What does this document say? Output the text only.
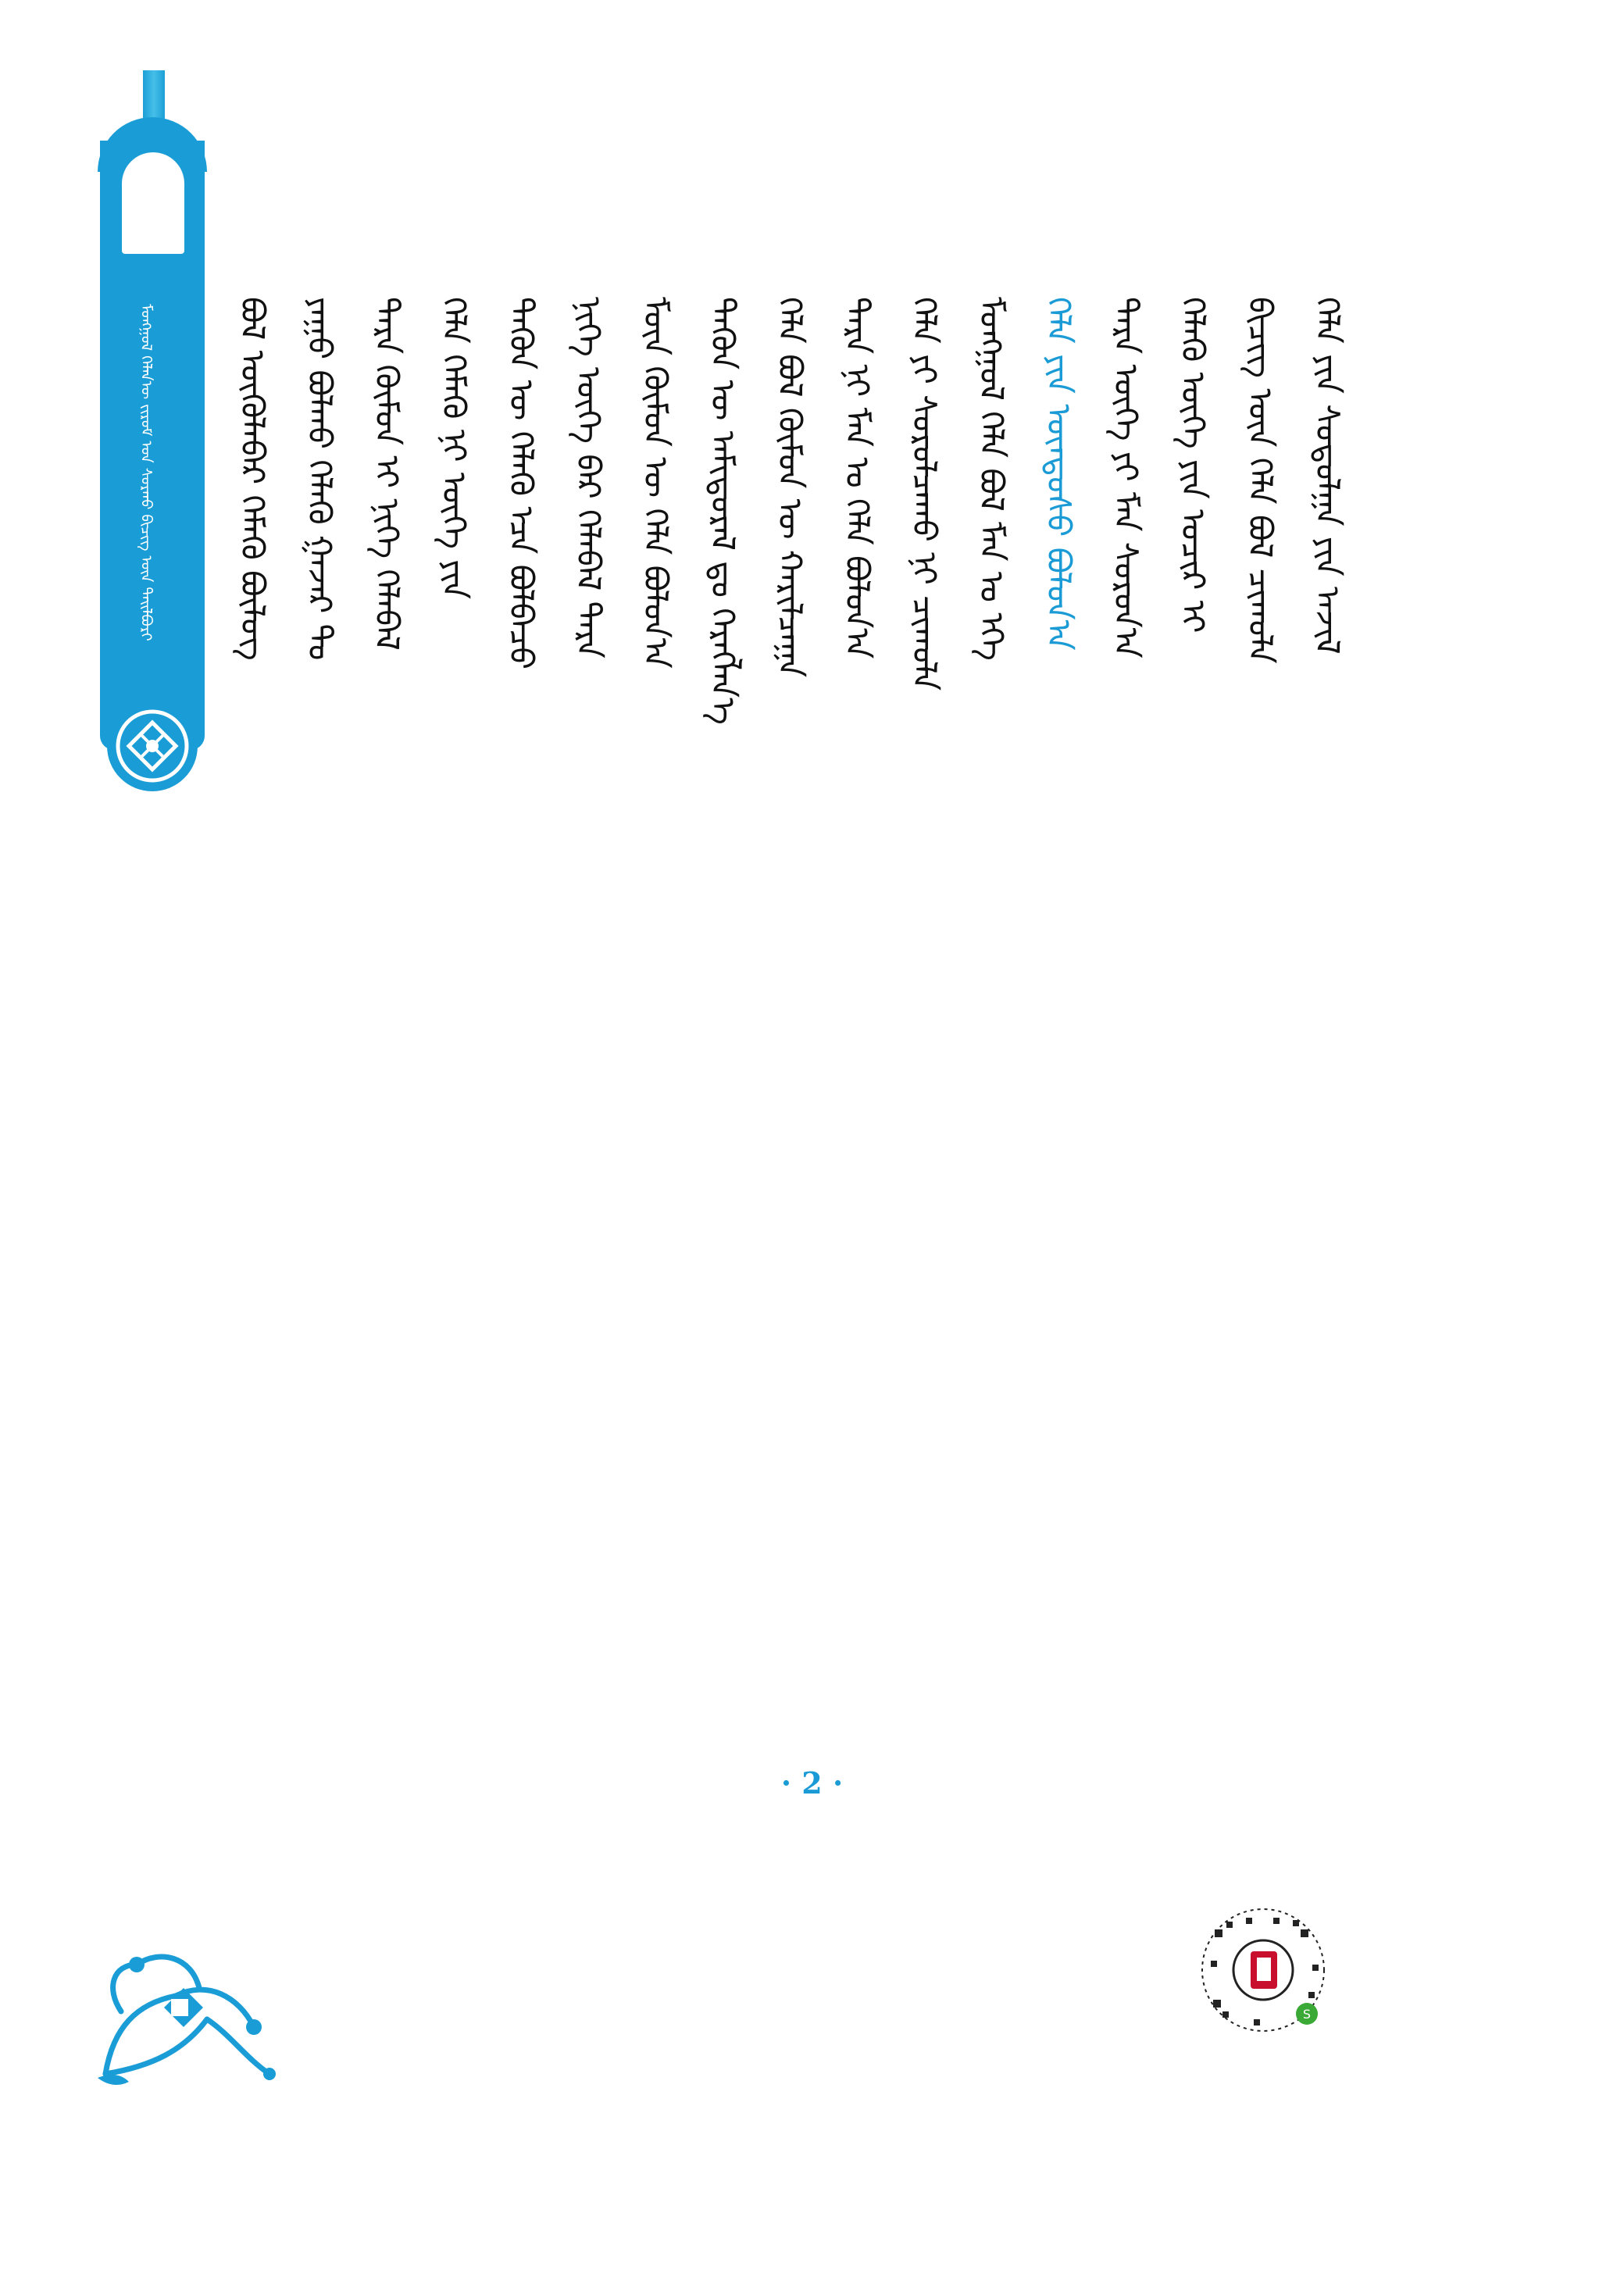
ᠮᠣᠩᠭᠣᠯ ᠬᠡᠯᠡᠨ᠎ᠦ ᠵᠢᠷᠤᠮ ᠤᠨ ᠰᠤᠷᠬᠤ ᠪᠢᠴᠢᠭ ᠦᠨ ᠲᠠᠢᠯᠪᠤᠷᠢ	ᠪᠣᠯ ᠦᠭᠦᠯᠡᠪᠡᠷ ᠬᠡᠮᠡᠬᠦ ᠪᠦᠯᠦᠭ ᠶᠠᠭᠤ ᠪᠣᠯᠬᠤ ᠬᠡᠯᠡᠬᠦ ᠭᠠᠵᠠᠷ ᠲᠤ ᠲᠡᠷᠡ ᠬᠦᠮᠦᠨ ᠢ ᠨᠢᠭᠡ ᠬᠡᠯᠡᠪᠡᠯ ᠬᠡᠯᠡ ᠬᠡᠮᠡᠬᠦ ᠨᠢ ᠦᠭᠡ ᠶᠢᠨ ᠲᠡᠭᠦᠨ ᠦ ᠬᠡᠯᠡᠬᠦ ᠡᠴᠡ ᠪᠣᠯᠪᠠᠴᠤ ᠨᠢᠭᠡ ᠦᠭᠡ ᠪᠡᠷ ᠬᠡᠯᠡᠪᠡᠯ ᠲᠡᠷᠡ ᠮᠦᠨ ᠬᠦᠮᠦᠨ ᠦ ᠬᠡᠯᠡ ᠪᠣᠯᠤᠨ᠎ᠠ ᠲᠡᠭᠦᠨ ᠦ ᠠᠮᠢᠳᠤᠷᠠᠯ ᠳᠤ ᠬᠡᠷᠡᠭᠯᠡᠨ᠎ᠡ ᠬᠡᠯᠡ ᠪᠣᠯ ᠬᠦᠮᠦᠨ ᠦ ᠬᠠᠷᠢᠯᠴᠠᠭᠠ ᠲᠡᠷᠡ ᠨᠢ ᠮᠠᠨ ᠤ ᠬᠡᠯᠡ ᠪᠣᠯᠤᠨ᠎ᠠ ᠬᠡᠯᠡ ᠶᠢ ᠰᠤᠷᠤᠯᠴᠠᠬᠤ ᠨᠢ ᠴᠢᠬᠤᠯᠠ ᠮᠣᠩᠭᠣᠯ ᠬᠡᠯᠡ ᠪᠣᠯ ᠮᠠᠨ ᠤ ᠡᠬᠡ ᠬᠡᠯᠡ ᠶᠢᠨ ᠦᠨᠳᠦᠰᠦ ᠪᠣᠯᠤᠨ᠎ᠠ ᠲᠡᠷᠡ ᠦᠭᠡ ᠶᠢ ᠮᠠᠨ ᠰᠤᠷᠤᠨ᠎ᠠ ᠬᠡᠯᠡᠬᠦ ᠦᠭᠡ ᠶᠢᠨ ᠤᠴᠢᠷ ᠢ ᠪᠢᠴᠢᠭ ᠦᠨ ᠬᠡᠯᠡ ᠪᠣᠯ ᠴᠢᠬᠤᠯᠠ ᠬᠡᠯᠡ ᠶᠢᠨ ᠰᠤᠳᠤᠯᠭᠠ ᠶᠢᠨ ᠠᠵᠢᠯ
· 2 ·
S
